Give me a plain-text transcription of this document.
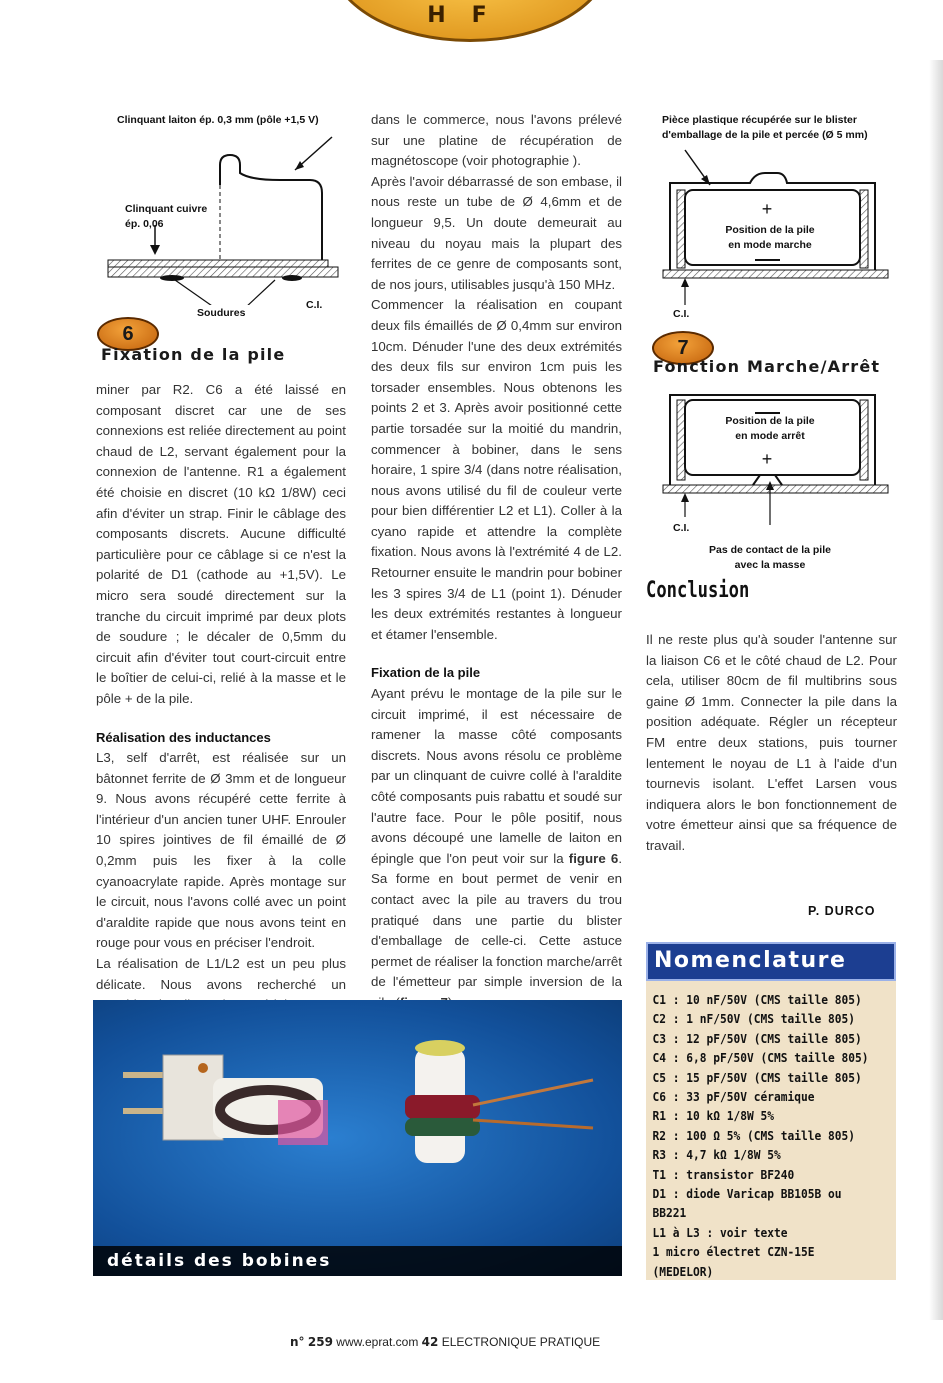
HF
Clinquant laiton ép. 0,3 mm (pôle +1,5 V)
Clinquant cuivre
ép. 0,06
Soudures
C.I.
6
Fixation de la pile

miner par R2. C6 a été laissé en composant discret car une de ses connexions est reliée directement au point chaud de L2, servant également pour la connexion de l'antenne. R1 a également été choisie en discret (10 kΩ 1/8W) ceci afin d'éviter un strap. Finir le câblage des composants discrets. Aucune difficulté particulière pour ce câblage si ce n'est la polarité de D1 (cathode au +1,5V). Le micro sera soudé directement sur la tranche du circuit imprimé par deux plots de soudure ; le décaler de 0,5mm du circuit afin d'éviter tout court-circuit entre le boîtier de celui-ci, relié à la masse et le pôle + de la pile.

Réalisation des inductances

L3, self d'arrêt, est réalisée sur un bâtonnet ferrite de Ø 3mm et de longueur 9. Nous avons récupéré cette ferrite à l'intérieur d'un ancien tuner UHF. Enrouler 10 spires jointives de fil émaillé de Ø 0,2mm puis les fixer à la colle cyanoacrylate rapide. Après montage sur le circuit, nous l'avons collé avec un point d'araldite rapide que nous avons teint en rouge pour vous en préciser l'endroit.

La réalisation de L1/L2 est un peu plus délicate. Nous avons recherché un

dans le commerce, nous l'avons prélevé sur une platine de récupération de magnétoscope (voir photographie ).

Après l'avoir débarrassé de son embase, il nous reste un tube de Ø 4,6mm et de longueur 9,5. Un doute demeurait au niveau du noyau mais la plupart des ferrites de ce genre de composants sont, de nos jours, utilisables jusqu'à 150 MHz.

Commencer la réalisation en coupant deux fils émaillés de Ø 0,4mm sur environ 10cm. Dénuder l'une des deux extrémités des deux fils sur environ 1cm puis les torsader ensembles. Nous obtenons les points 2 et 3. Après avoir positionné cette partie torsadée sur la moitié du mandrin, commencer à bobiner, dans le sens horaire, 1 spire 3/4 (dans notre réalisation, nous avons utilisé du fil de couleur verte pour bien différentier L2 et L1). Coller à la cyano rapide et attendre la complète fixation. Nous avons là l'extrémité 4 de L2. Retourner ensuite le mandrin pour bobiner les 3 spires 3/4 de L1 (point 1). Dénuder les deux extrémités restantes à longueur et étamer l'ensemble.

Fixation de la pile

Ayant prévu le montage de la pile sur le circuit imprimé, il est nécessaire de ramener la masse côté composants discrets. Nous avons résolu ce problème par un clinquant de cuivre collé à l'araldite côté composants puis rabattu et soudé sur l'autre face. Pour le pôle positif, nous avons découpé une lamelle de laiton en épingle que l'on peut voir sur la figure 6. Sa forme en bout permet de venir en contact avec la pile au travers du trou pratiqué dans une partie du blister d'emballage de celle-ci. Cette astuce permet de réaliser la fonction marche/arrêt de l'émetteur par simple inversion de la

Pièce plastique récupérée sur le blister
d'emballage de la pile et percée (Ø 5 mm)
+
+
Position de la pile
en mode marche
C.I.
Position de la pile
en mode arrêt
C.I.
Pas de contact de la pile
avec la masse
7
Fonction Marche/Arrêt
Conclusion

Il ne reste plus qu'à souder l'antenne sur la liaison C6 et le côté chaud de L2. Pour cela, utiliser 80cm de fil multibrins sous gaine Ø 1mm. Connecter la pile dans la position adéquate. Régler un récepteur FM entre deux stations, puis tourner lentement le noyau de L1 à l'aide d'un tournevis isolant. L'effet Larsen vous indiquera alors le bon fonctionnement de votre émetteur ainsi que sa fréquence de travail.

P. DURCO
Nomenclature
C1 : 10 nF/50V (CMS taille 805)
C2 : 1 nF/50V (CMS taille 805)
C3 : 12 pF/50V (CMS taille 805)
C4 : 6,8 pF/50V (CMS taille 805)
C5 : 15 pF/50V (CMS taille 805)
C6 : 33 pF/50V céramique
R1 : 10 kΩ 1/8W 5%
R2 : 100 Ω 5% (CMS taille 805)
R3 : 4,7 kΩ 1/8W 5%
T1 : transistor BF240
D1 : diode Varicap BB105B ou BB221
L1 à L3 : voir texte
1 micro électret CZN-15E
(MEDELOR)
détails des bobines
n° 259 www.eprat.com 42 ELECTRONIQUE PRATIQUE
